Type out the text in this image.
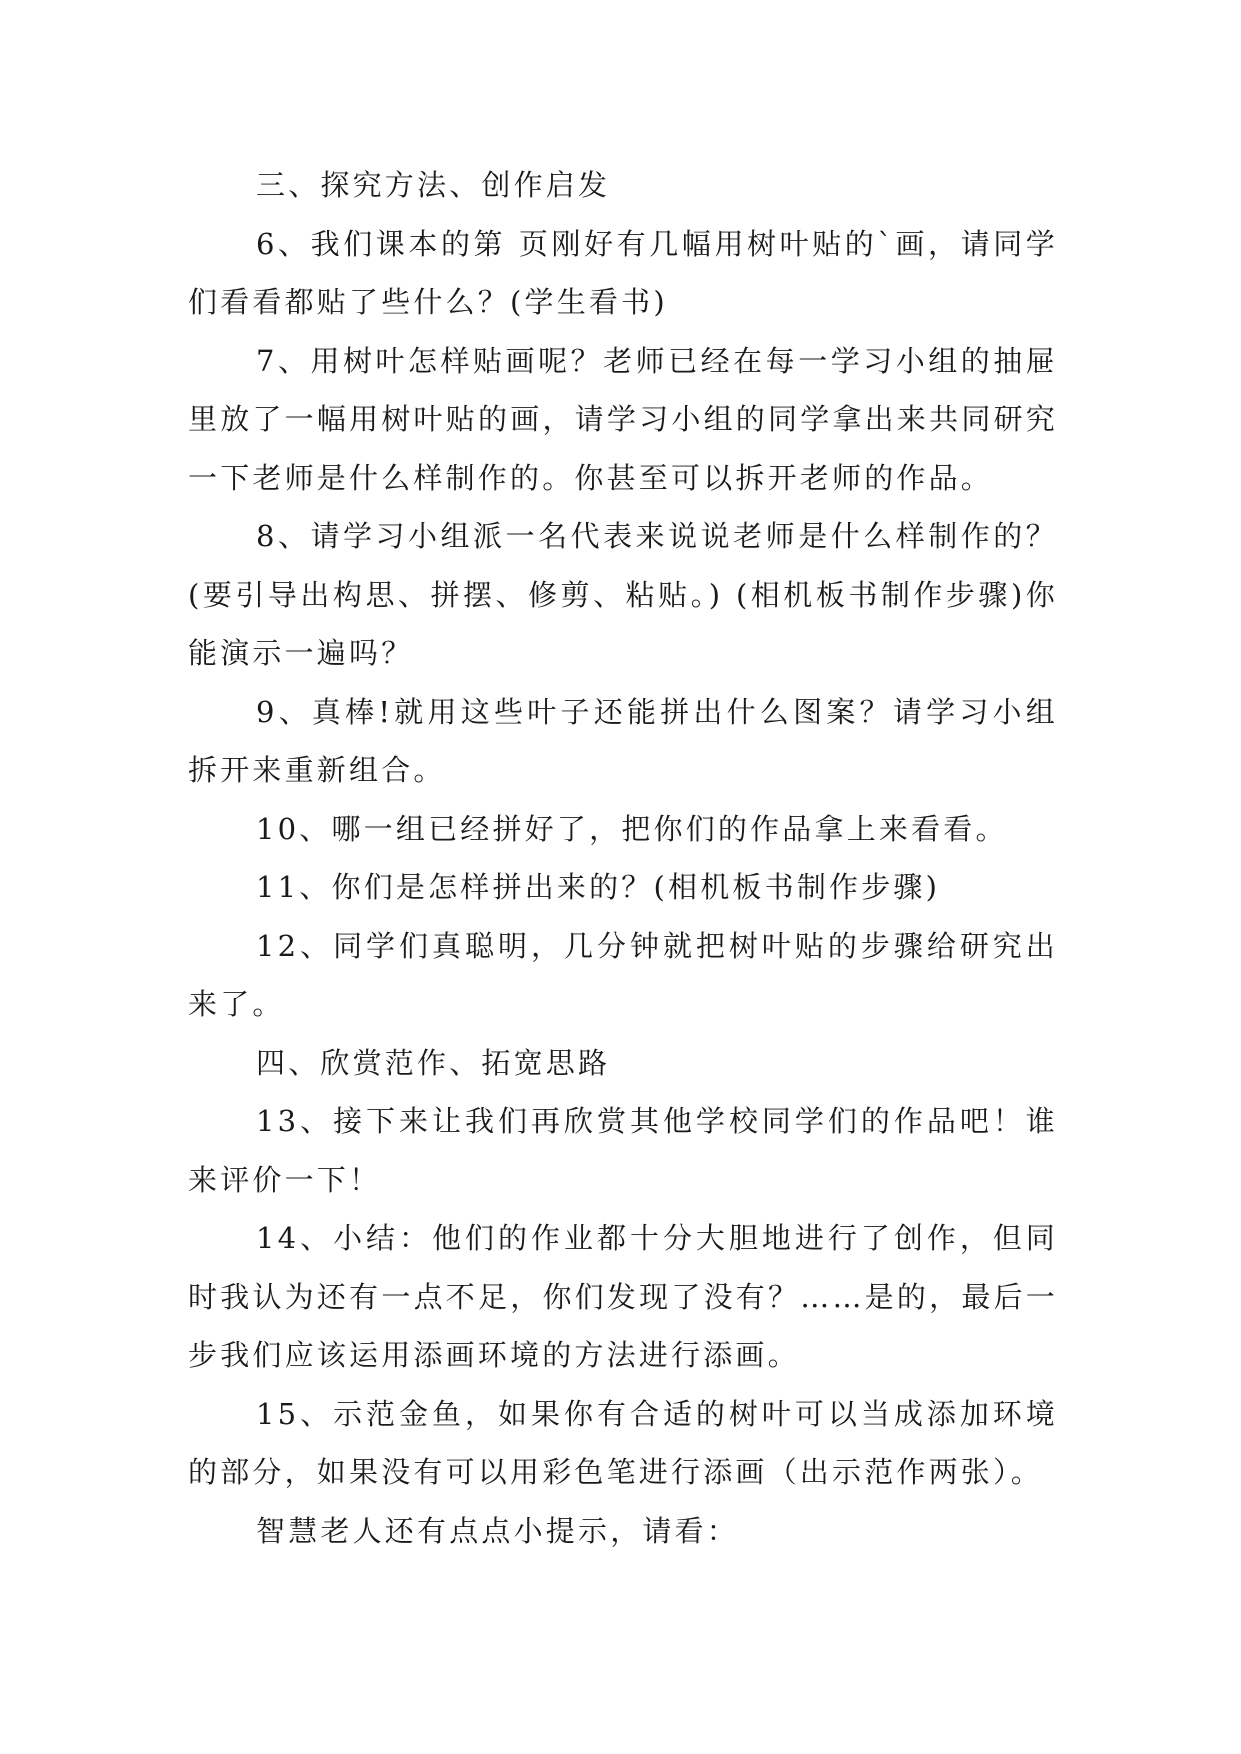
三、探究方法、创作启发

6、我们课本的第 页刚好有几幅用树叶贴的`画，请同学们看看都贴了些什么？(学生看书)

7、用树叶怎样贴画呢？老师已经在每一学习小组的抽屉里放了一幅用树叶贴的画，请学习小组的同学拿出来共同研究一下老师是什么样制作的。你甚至可以拆开老师的作品。

8、请学习小组派一名代表来说说老师是什么样制作的？(要引导出构思、拼摆、修剪、粘贴。) (相机板书制作步骤)你能演示一遍吗？

9、真棒!就用这些叶子还能拼出什么图案？请学习小组拆开来重新组合。

10、哪一组已经拼好了，把你们的作品拿上来看看。

11、你们是怎样拼出来的？(相机板书制作步骤)

12、同学们真聪明，几分钟就把树叶贴的步骤给研究出来了。

四、欣赏范作、拓宽思路

13、接下来让我们再欣赏其他学校同学们的作品吧！谁来评价一下！

14、小结：他们的作业都十分大胆地进行了创作，但同时我认为还有一点不足，你们发现了没有？……是的，最后一步我们应该运用添画环境的方法进行添画。

15、示范金鱼，如果你有合适的树叶可以当成添加环境的部分，如果没有可以用彩色笔进行添画（出示范作两张）。

智慧老人还有点点小提示，请看：
